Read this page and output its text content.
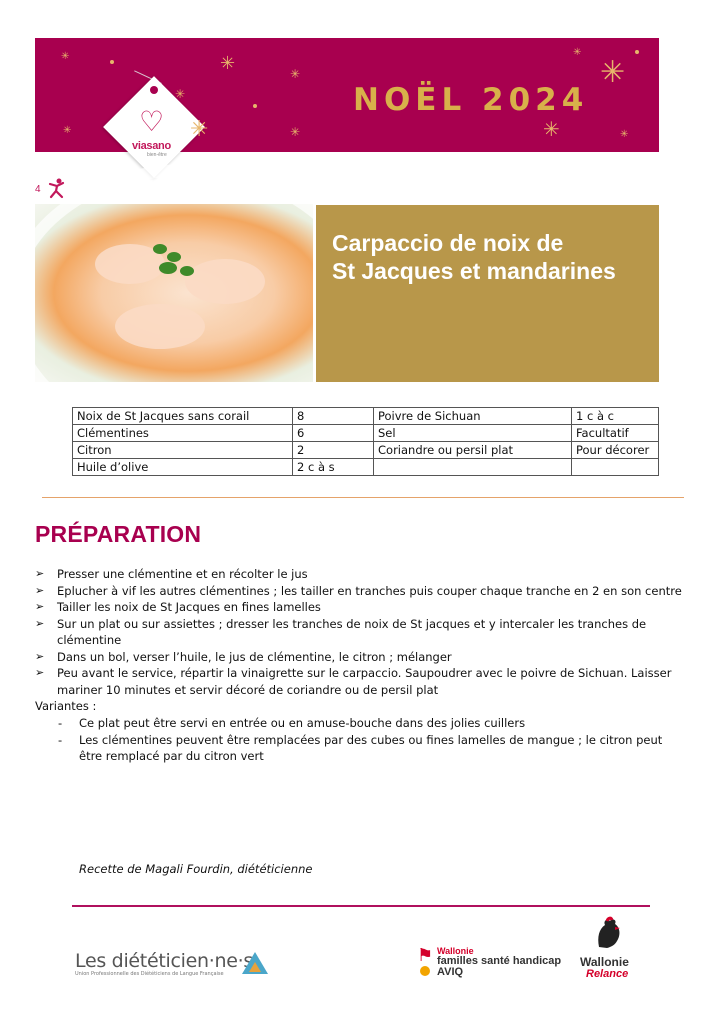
♡
viasano
bien-être
NOËL 2024
✳
✳
✳
✳
✳
✳
✳
✳
✳
✳
✳
4
Carpaccio de noix de
St Jacques et mandarines
Noix de St Jacques sans corail	8	Poivre de Sichuan	1 c à c
Clémentines	6	Sel	Facultatif
Citron	2	Coriandre ou persil plat	Pour décorer
Huile d’olive	2 c à s		
PRÉPARATION
➢ Presser une clémentine et en récolter le jus
➢ Eplucher à vif les autres clémentines ; les tailler en tranches puis couper chaque tranche en 2 en son centre
➢ Tailler les noix de St Jacques en fines lamelles
➢ Sur un plat ou sur assiettes ; dresser les tranches de noix de St jacques et y intercaler les tranches de clémentine
➢ Dans un bol, verser l’huile, le jus de clémentine, le citron ; mélanger
➢ Peu avant le service, répartir la vinaigrette sur le carpaccio. Saupoudrer avec le poivre de Sichuan. Laisser mariner 10 minutes et servir décoré de coriandre ou de persil plat
Variantes :
- Ce plat peut être servi en entrée ou en amuse-bouche dans des jolies cuillers
- Les clémentines peuvent être remplacées par des cubes ou fines lamelles de mangue ; le citron peut être remplacé par du citron vert
Recette de Magali Fourdin, diététicienne
Les diététicien·ne·s
Union Professionnelle des Diététiciens de Langue Française
⚑ Wallonie
familles santé handicap
AVIQ
Wallonie
Relance
